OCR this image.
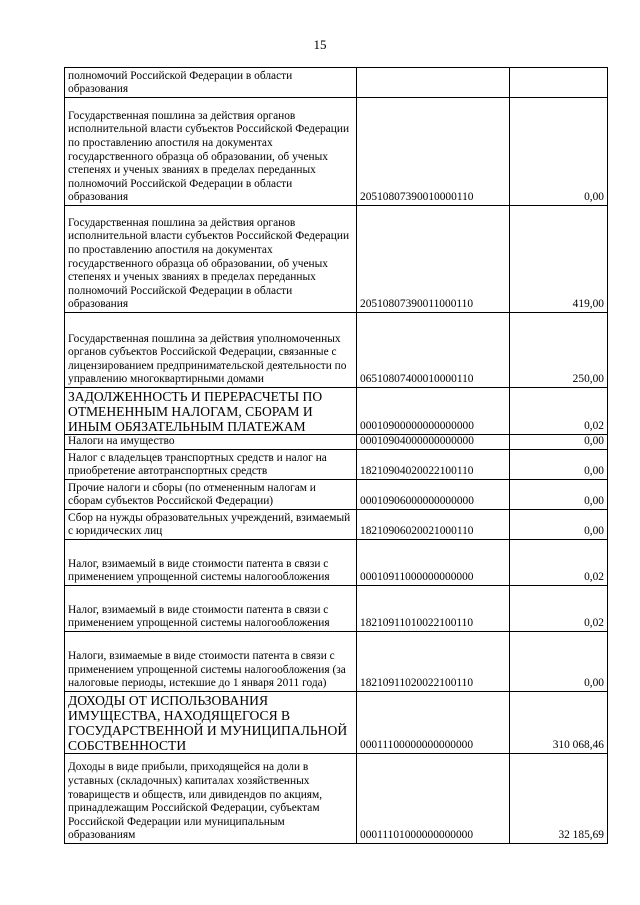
15
полномочий Российской Федерации в области образования		
Государственная пошлина за действия органов исполнительной власти субъектов Российской Федерации по проставлению апостиля на документах государственного образца об образовании, об ученых степенях и ученых званиях в пределах переданных полномочий Российской Федерации в области образования	20510807390010000110	0,00
Государственная пошлина за действия органов исполнительной власти субъектов Российской Федерации по проставлению апостиля на документах государственного образца об образовании, об ученых степенях и ученых званиях в пределах переданных полномочий Российской Федерации в области образования	20510807390011000110	419,00
Государственная пошлина за действия уполномоченных органов субъектов Российской Федерации, связанные с лицензированием предпринимательской деятельности по управлению многоквартирными домами	06510807400010000110	250,00
ЗАДОЛЖЕННОСТЬ И ПЕРЕРАСЧЕТЫ ПО ОТМЕНЕННЫМ НАЛОГАМ, СБОРАМ И ИНЫМ ОБЯЗАТЕЛЬНЫМ ПЛАТЕЖАМ	00010900000000000000	0,02
Налоги на имущество	00010904000000000000	0,00
Налог с владельцев транспортных средств и налог на приобретение автотранспортных средств	18210904020022100110	0,00
Прочие налоги и сборы (по отмененным налогам и сборам субъектов Российской Федерации)	00010906000000000000	0,00
Сбор на нужды образовательных учреждений, взимаемый с юридических лиц	18210906020021000110	0,00
Налог, взимаемый в виде стоимости патента в связи с применением упрощенной системы налогообложения	00010911000000000000	0,02
Налог, взимаемый в виде стоимости патента в связи с применением упрощенной системы налогообложения	18210911010022100110	0,02
Налоги, взимаемые в виде стоимости патента в связи с применением упрощенной системы налогообложения (за налоговые периоды, истекшие до 1 января 2011 года)	18210911020022100110	0,00
ДОХОДЫ ОТ ИСПОЛЬЗОВАНИЯ ИМУЩЕСТВА, НАХОДЯЩЕГОСЯ В ГОСУДАРСТВЕННОЙ И МУНИЦИПАЛЬНОЙ СОБСТВЕННОСТИ	00011100000000000000	310 068,46
Доходы в виде прибыли, приходящейся на доли в уставных (складочных) капиталах хозяйственных товариществ и обществ, или дивидендов по акциям, принадлежащим Российской Федерации, субъектам Российской Федерации или муниципальным образованиям	00011101000000000000	32 185,69
